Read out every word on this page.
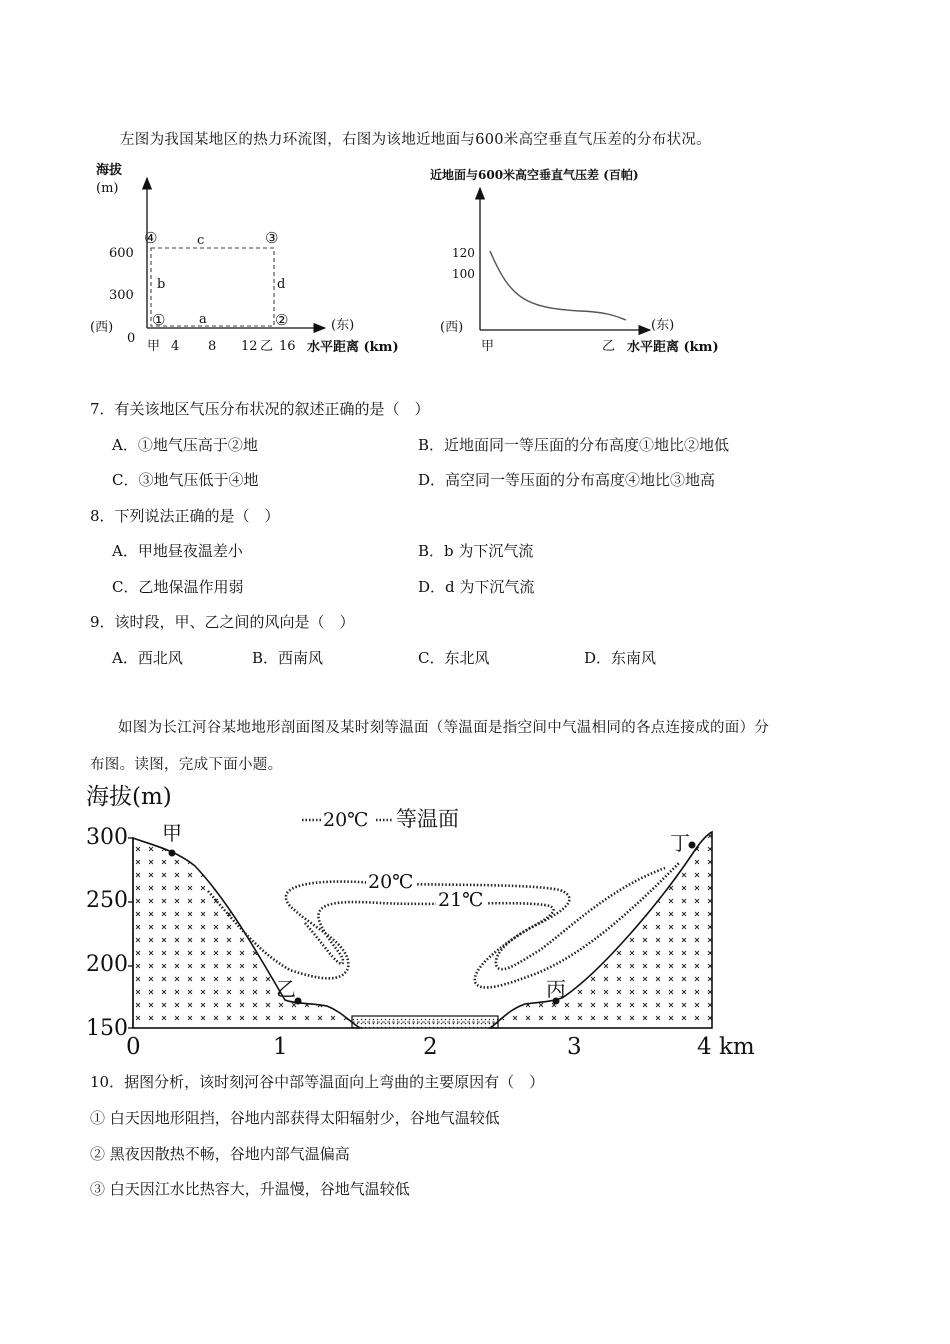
左图为我国某地区的热力环流图，右图为该地近地面与600米高空垂直气压差的分布状况。
海拔
(m)
600
300
0
(西)	(东)
水平距离 (km)
甲 4 8 12 乙 16
④	③
①	②
a
b
c
d
近地面与600米高空垂直气压差 (百帕)
120
100
(西)	(东)
甲	乙 水平距离 (km)
7．有关该地区气压分布状况的叙述正确的是（　）
A．①地气压高于②地	B．近地面同一等压面的分布高度①地比②地低
C．③地气压低于④地	D．高空同一等压面的分布高度④地比③地高
8．下列说法正确的是（　）
A．甲地昼夜温差小	B．b 为下沉气流
C．乙地保温作用弱	D．d 为下沉气流
9．该时段，甲、乙之间的风向是（　）
A．西北风	B．西南风	C．东北风	D．东南风
如图为长江河谷某地地形剖面图及某时刻等温面（等温面是指空间中气温相同的各点连接成的面）分
布图。读图，完成下面小题。
海拔(m)
300
250
200
150
20℃
21℃
20℃ 等温面
甲
乙	丙
丁
0	1	2	3	4 km
10．据图分析，该时刻河谷中部等温面向上弯曲的主要原因有（　）
① 白天因地形阻挡，谷地内部获得太阳辐射少，谷地气温较低
② 黑夜因散热不畅，谷地内部气温偏高
③ 白天因江水比热容大，升温慢，谷地气温较低
